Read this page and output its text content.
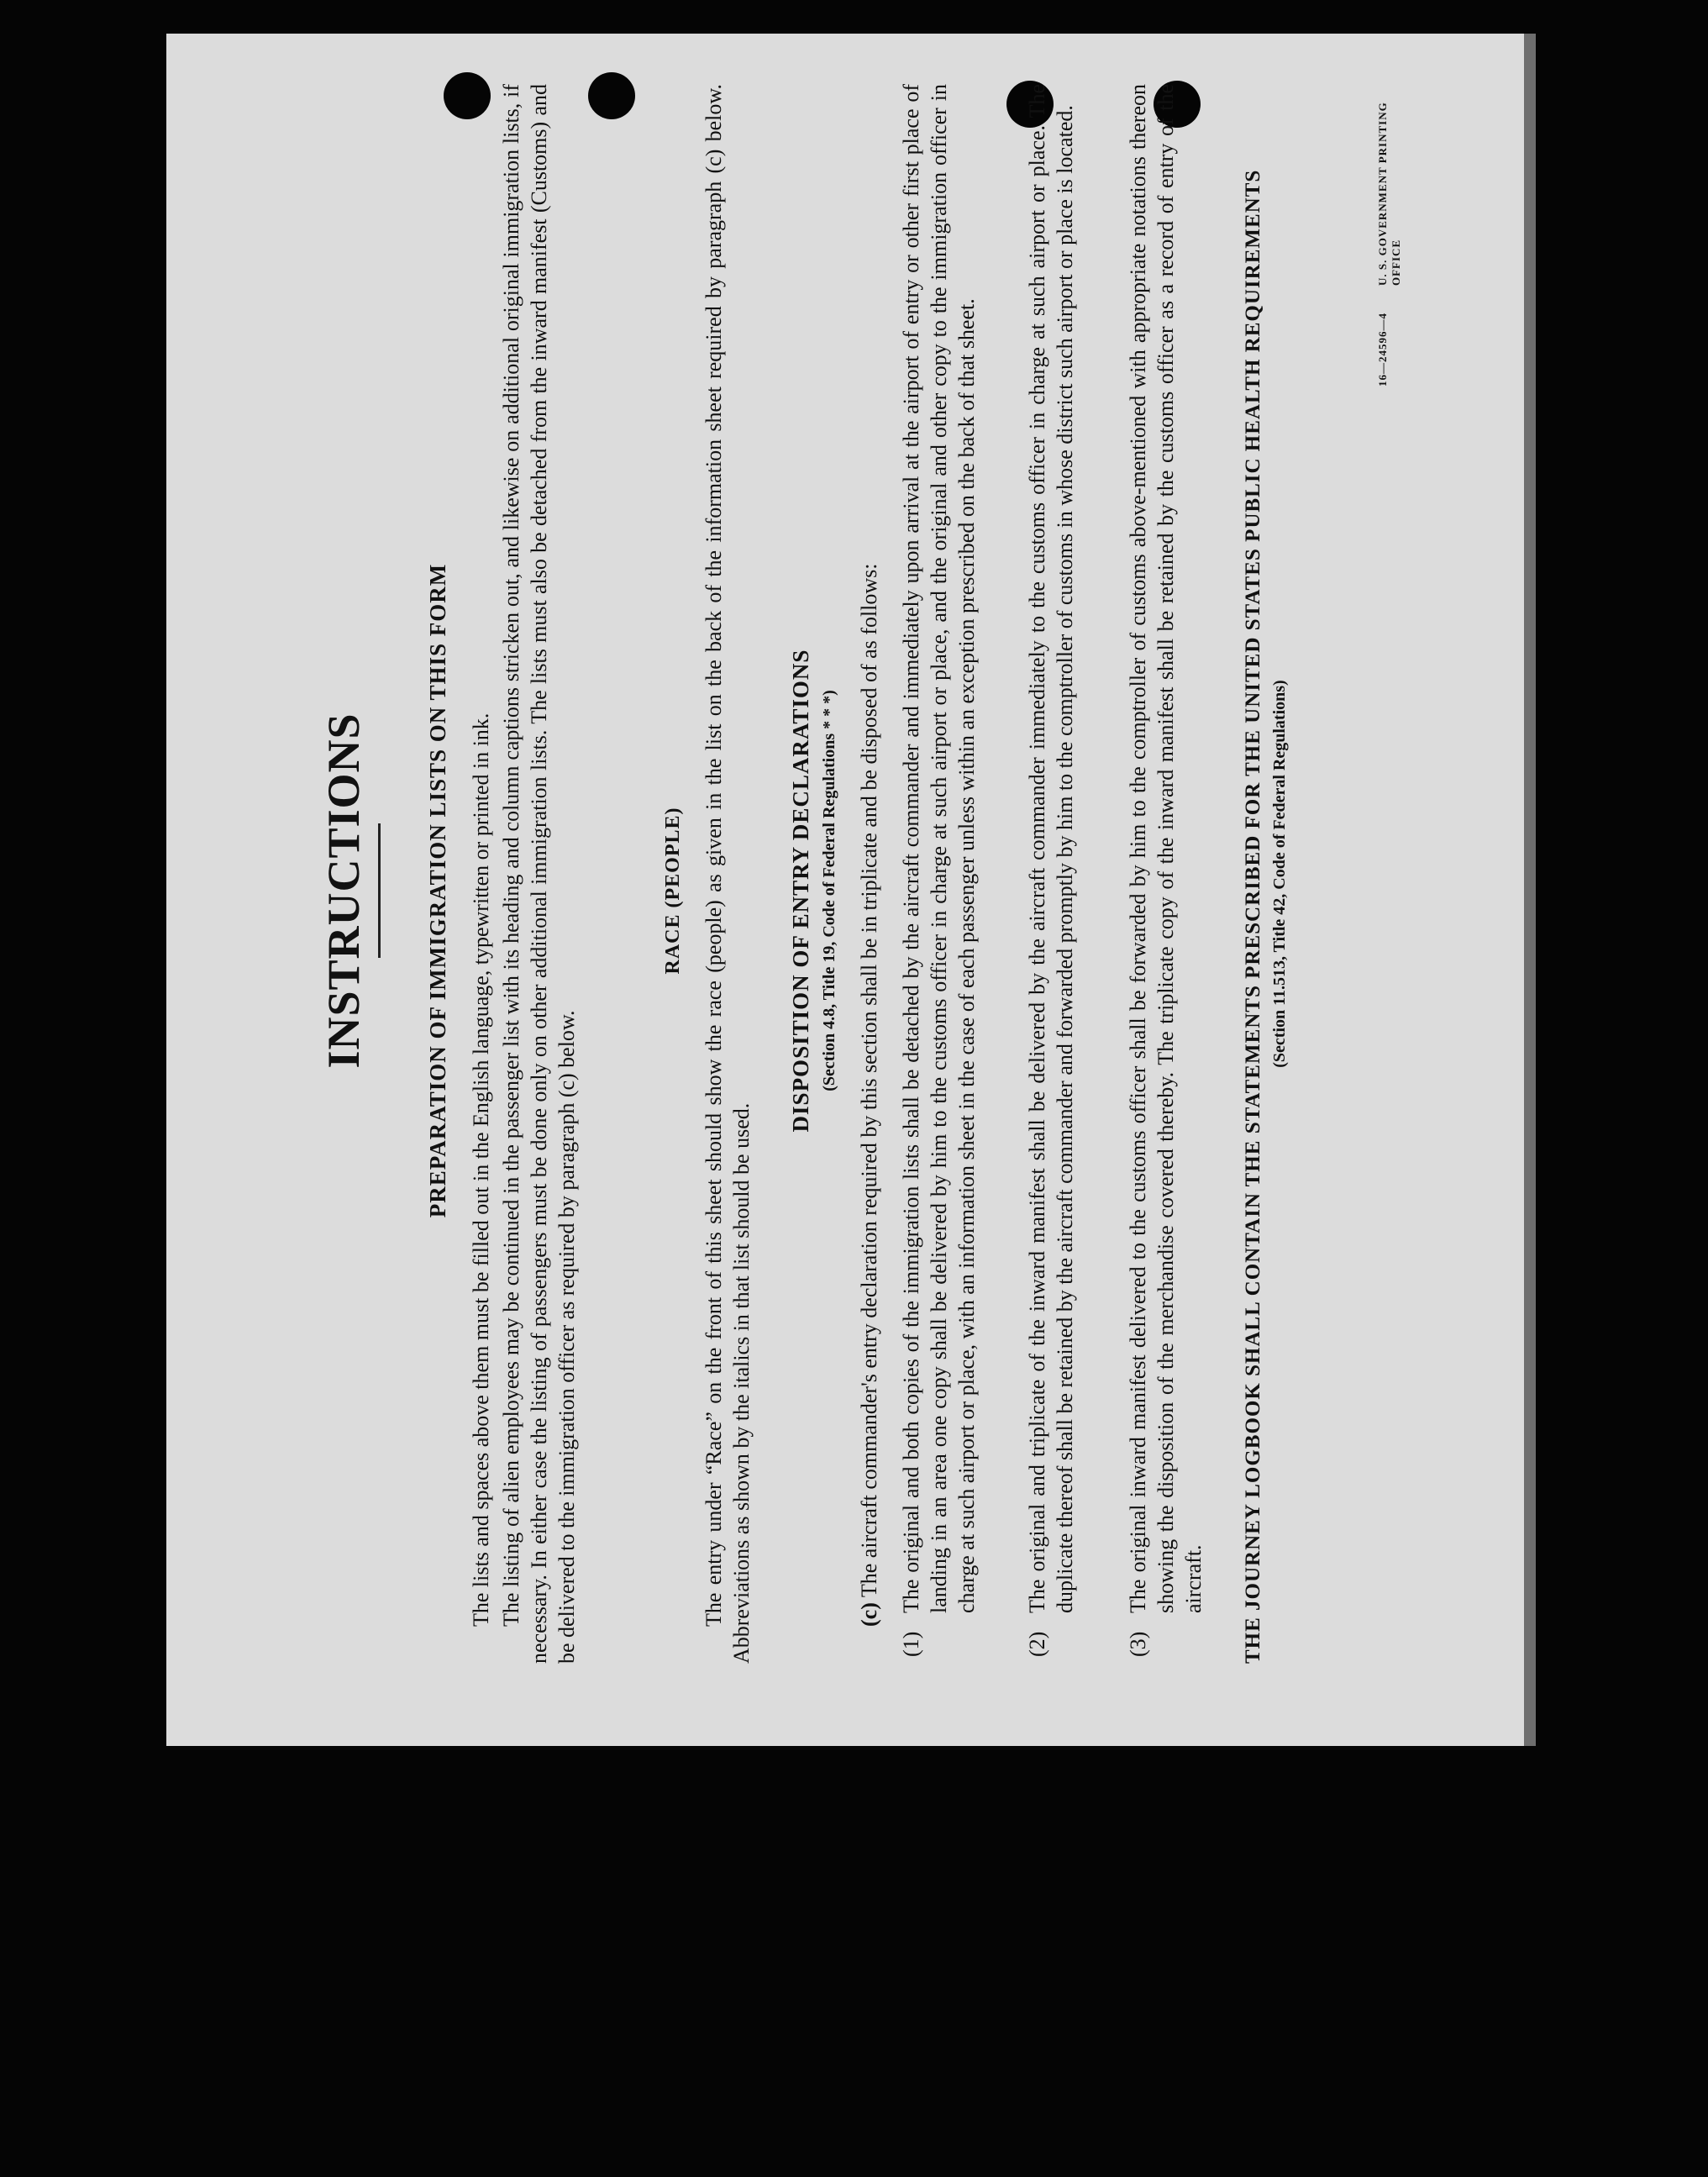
INSTRUCTIONS PREPARATION OF IMMIGRATION LISTS ON THIS FORM The lists and spaces above them must be filled out in the English language, typewritten or printed in ink. The listing of alien employees may be continued in the passenger list with its heading and column captions stricken out, and likewise on additional original immigration lists, if necessary. In either case the listing of passengers must be done only on other additional immigration lists. The lists must also be detached from the inward manifest (Customs) and be delivered to the immigration officer as required by paragraph (c) below.
RACE (PEOPLE) The entry under “Race” on the front of this sheet should show the race (people) as given in the list on the back of the information sheet required by paragraph (c) below. Abbreviations as shown by the italics in that list should be used.
DISPOSITION OF ENTRY DECLARATIONS (Section 4.8, Title 19, Code of Federal Regulations * * *)
(c) The aircraft commander's entry declaration required by this section shall be in triplicate and be disposed of as follows:
(1)
The original and both copies of the immigration lists shall be detached by the aircraft commander and immediately upon arrival at the airport of entry or other first place of landing in an area one copy shall be delivered by him to the customs officer in charge at such airport or place, and the original and other copy to the immigration officer in charge at such airport or place, with an information sheet in the case of each passenger unless within an exception prescribed on the back of that sheet.
(2)
The original and triplicate of the inward manifest shall be delivered by the aircraft commander immediately to the customs officer in charge at such airport or place. The duplicate thereof shall be retained by the aircraft commander and forwarded promptly by him to the comptroller of customs in whose district such airport or place is located.
(3)
The original inward manifest delivered to the customs officer shall be forwarded by him to the comptroller of customs above-mentioned with appropriate notations thereon showing the disposition of the merchandise covered thereby. The triplicate copy of the inward manifest shall be retained by the customs officer as a record of entry of the aircraft. THE JOURNEY LOGBOOK SHALL CONTAIN THE STATEMENTS PRESCRIBED FOR THE UNITED STATES PUBLIC HEALTH REQUIREMENTS (Section 11.513, Title 42, Code of Federal Regulations)
16—24596—4
U. S. GOVERNMENT PRINTING OFFICE
